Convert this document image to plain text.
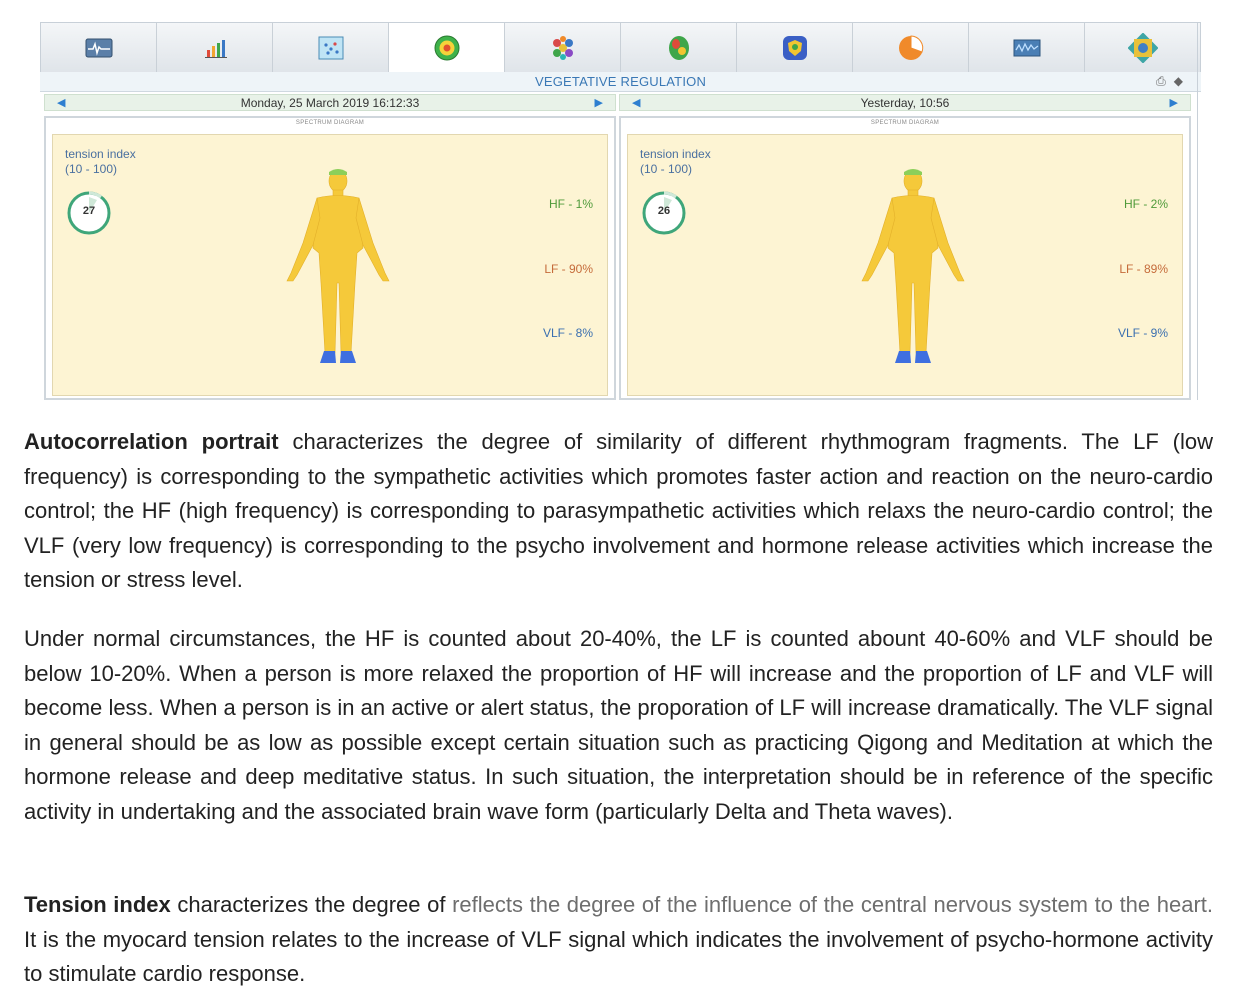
VEGETATIVE REGULATION	⎙ ◆
◀	Monday, 25 March 2019 16:12:33	▶
SPECTRUM DIAGRAM
tension index
(10 - 100)
27	HF - 1%
LF - 90%
VLF - 8%
◀	Yesterday, 10:56	▶
SPECTRUM DIAGRAM
tension index
(10 - 100)
26	HF - 2%
LF - 89%
VLF - 9%

Autocorrelation portrait characterizes the degree of similarity of different rhythmogram fragments. The LF (low frequency) is corresponding to the sympathetic activities which promotes faster action and reaction on the neuro-cardio control; the HF (high frequency) is corresponding to parasympathetic activities which relaxs the neuro-cardio control; the VLF (very low frequency) is corresponding to the psycho involvement and hormone release activities which increase the tension or stress level.

Under normal circumstances, the HF is counted about 20-40%, the LF is counted abount 40-60% and VLF should be below 10-20%. When a person is more relaxed the proportion of HF will increase and the proportion of LF and VLF will become less. When a person is in an active or alert status, the proporation of LF will increase dramatically. The VLF signal in general should be as low as possible except certain situation such as practicing Qigong and Meditation at which the hormone release and deep meditative status. In such situation, the interpretation should be in reference of the specific activity in undertaking and the associated brain wave form (particularly Delta and Theta waves).

Tension index characterizes the degree of reflects the degree of the influence of the central nervous system to the heart. It is the myocard tension relates to the increase of VLF signal which indicates the involvement of psycho-hormone activity to stimulate cardio response.
